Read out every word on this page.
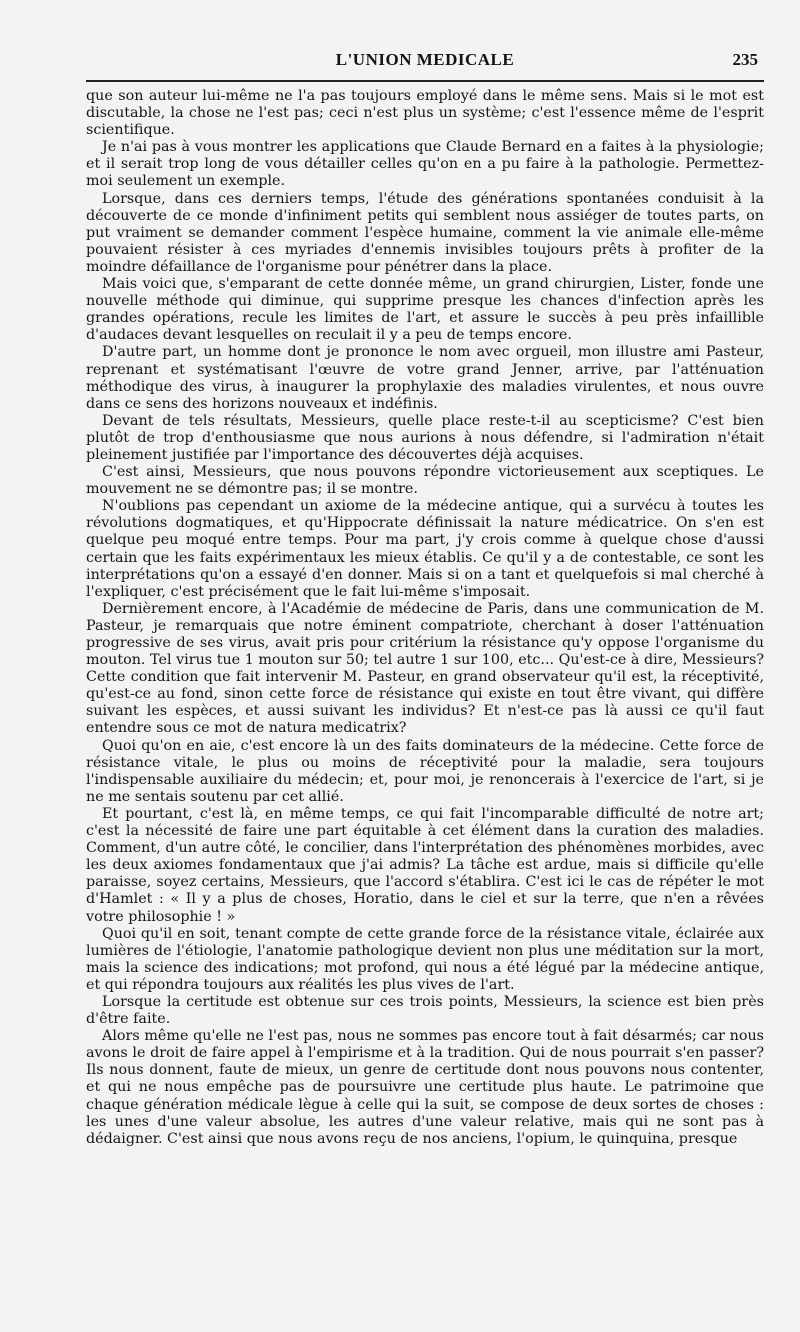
L'UNION MEDICALE	235

que son auteur lui-même ne l'a pas toujours employé dans le même sens. Mais si le mot est discutable, la chose ne l'est pas; ceci n'est plus un système; c'est l'essence même de l'esprit scientifique.

Je n'ai pas à vous montrer les applications que Claude Bernard en a faites à la physiologie; et il serait trop long de vous détailler celles qu'on en a pu faire à la pathologie. Permettez-moi seulement un exemple.

Lorsque, dans ces derniers temps, l'étude des générations spontanées conduisit à la découverte de ce monde d'infiniment petits qui semblent nous assiéger de toutes parts, on put vraiment se demander comment l'espèce humaine, comment la vie animale elle-même pouvaient résister à ces myriades d'ennemis invisibles toujours prêts à profiter de la moindre défaillance de l'organisme pour pénétrer dans la place.

Mais voici que, s'emparant de cette donnée même, un grand chirurgien, Lister, fonde une nouvelle méthode qui diminue, qui supprime presque les chances d'infection après les grandes opérations, recule les limites de l'art, et assure le succès à peu près infaillible d'audaces devant lesquelles on reculait il y a peu de temps encore.

D'autre part, un homme dont je prononce le nom avec orgueil, mon illustre ami Pasteur, reprenant et systématisant l'œuvre de votre grand Jenner, arrive, par l'atténuation méthodique des virus, à inaugurer la prophylaxie des maladies virulentes, et nous ouvre dans ce sens des horizons nouveaux et indéfinis.

Devant de tels résultats, Messieurs, quelle place reste-t-il au scepticisme? C'est bien plutôt de trop d'enthousiasme que nous aurions à nous défendre, si l'admiration n'était pleinement justifiée par l'importance des découvertes déjà acquises.

C'est ainsi, Messieurs, que nous pouvons répondre victorieusement aux sceptiques. Le mouvement ne se démontre pas; il se montre.

N'oublions pas cependant un axiome de la médecine antique, qui a survécu à toutes les révolutions dogmatiques, et qu'Hippocrate définissait la nature médicatrice. On s'en est quelque peu moqué entre temps. Pour ma part, j'y crois comme à quelque chose d'aussi certain que les faits expérimentaux les mieux établis. Ce qu'il y a de contestable, ce sont les interprétations qu'on a essayé d'en donner. Mais si on a tant et quelquefois si mal cherché à l'expliquer, c'est précisément que le fait lui-même s'imposait.

Dernièrement encore, à l'Académie de médecine de Paris, dans une communication de M. Pasteur, je remarquais que notre éminent compatriote, cherchant à doser l'atténuation progressive de ses virus, avait pris pour critérium la résistance qu'y oppose l'organisme du mouton. Tel virus tue 1 mouton sur 50; tel autre 1 sur 100, etc... Qu'est-ce à dire, Messieurs? Cette condition que fait intervenir M. Pasteur, en grand observateur qu'il est, la réceptivité, qu'est-ce au fond, sinon cette force de résistance qui existe en tout être vivant, qui diffère suivant les espèces, et aussi suivant les individus? Et n'est-ce pas là aussi ce qu'il faut entendre sous ce mot de natura medicatrix?

Quoi qu'on en aie, c'est encore là un des faits dominateurs de la médecine. Cette force de résistance vitale, le plus ou moins de réceptivité pour la maladie, sera toujours l'indispensable auxiliaire du médecin; et, pour moi, je renoncerais à l'exercice de l'art, si je ne me sentais soutenu par cet allié.

Et pourtant, c'est là, en même temps, ce qui fait l'incomparable difficulté de notre art; c'est la nécessité de faire une part équitable à cet élément dans la curation des maladies. Comment, d'un autre côté, le concilier, dans l'interprétation des phénomènes morbides, avec les deux axiomes fondamentaux que j'ai admis? La tâche est ardue, mais si difficile qu'elle paraisse, soyez certains, Messieurs, que l'accord s'établira. C'est ici le cas de répéter le mot d'Hamlet : « Il y a plus de choses, Horatio, dans le ciel et sur la terre, que n'en a rêvées votre philosophie ! »

Quoi qu'il en soit, tenant compte de cette grande force de la résistance vitale, éclairée aux lumières de l'étiologie, l'anatomie pathologique devient non plus une méditation sur la mort, mais la science des indications; mot profond, qui nous a été légué par la médecine antique, et qui répondra toujours aux réalités les plus vives de l'art.

Lorsque la certitude est obtenue sur ces trois points, Messieurs, la science est bien près d'être faite.

Alors même qu'elle ne l'est pas, nous ne sommes pas encore tout à fait désarmés; car nous avons le droit de faire appel à l'empirisme et à la tradition. Qui de nous pourrait s'en passer? Ils nous donnent, faute de mieux, un genre de certitude dont nous pouvons nous contenter, et qui ne nous empêche pas de poursuivre une certitude plus haute. Le patrimoine que chaque génération médicale lègue à celle qui la suit, se compose de deux sortes de choses : les unes d'une valeur absolue, les autres d'une valeur relative, mais qui ne sont pas à dédaigner. C'est ainsi que nous avons reçu de nos anciens, l'opium, le quinquina, presque
